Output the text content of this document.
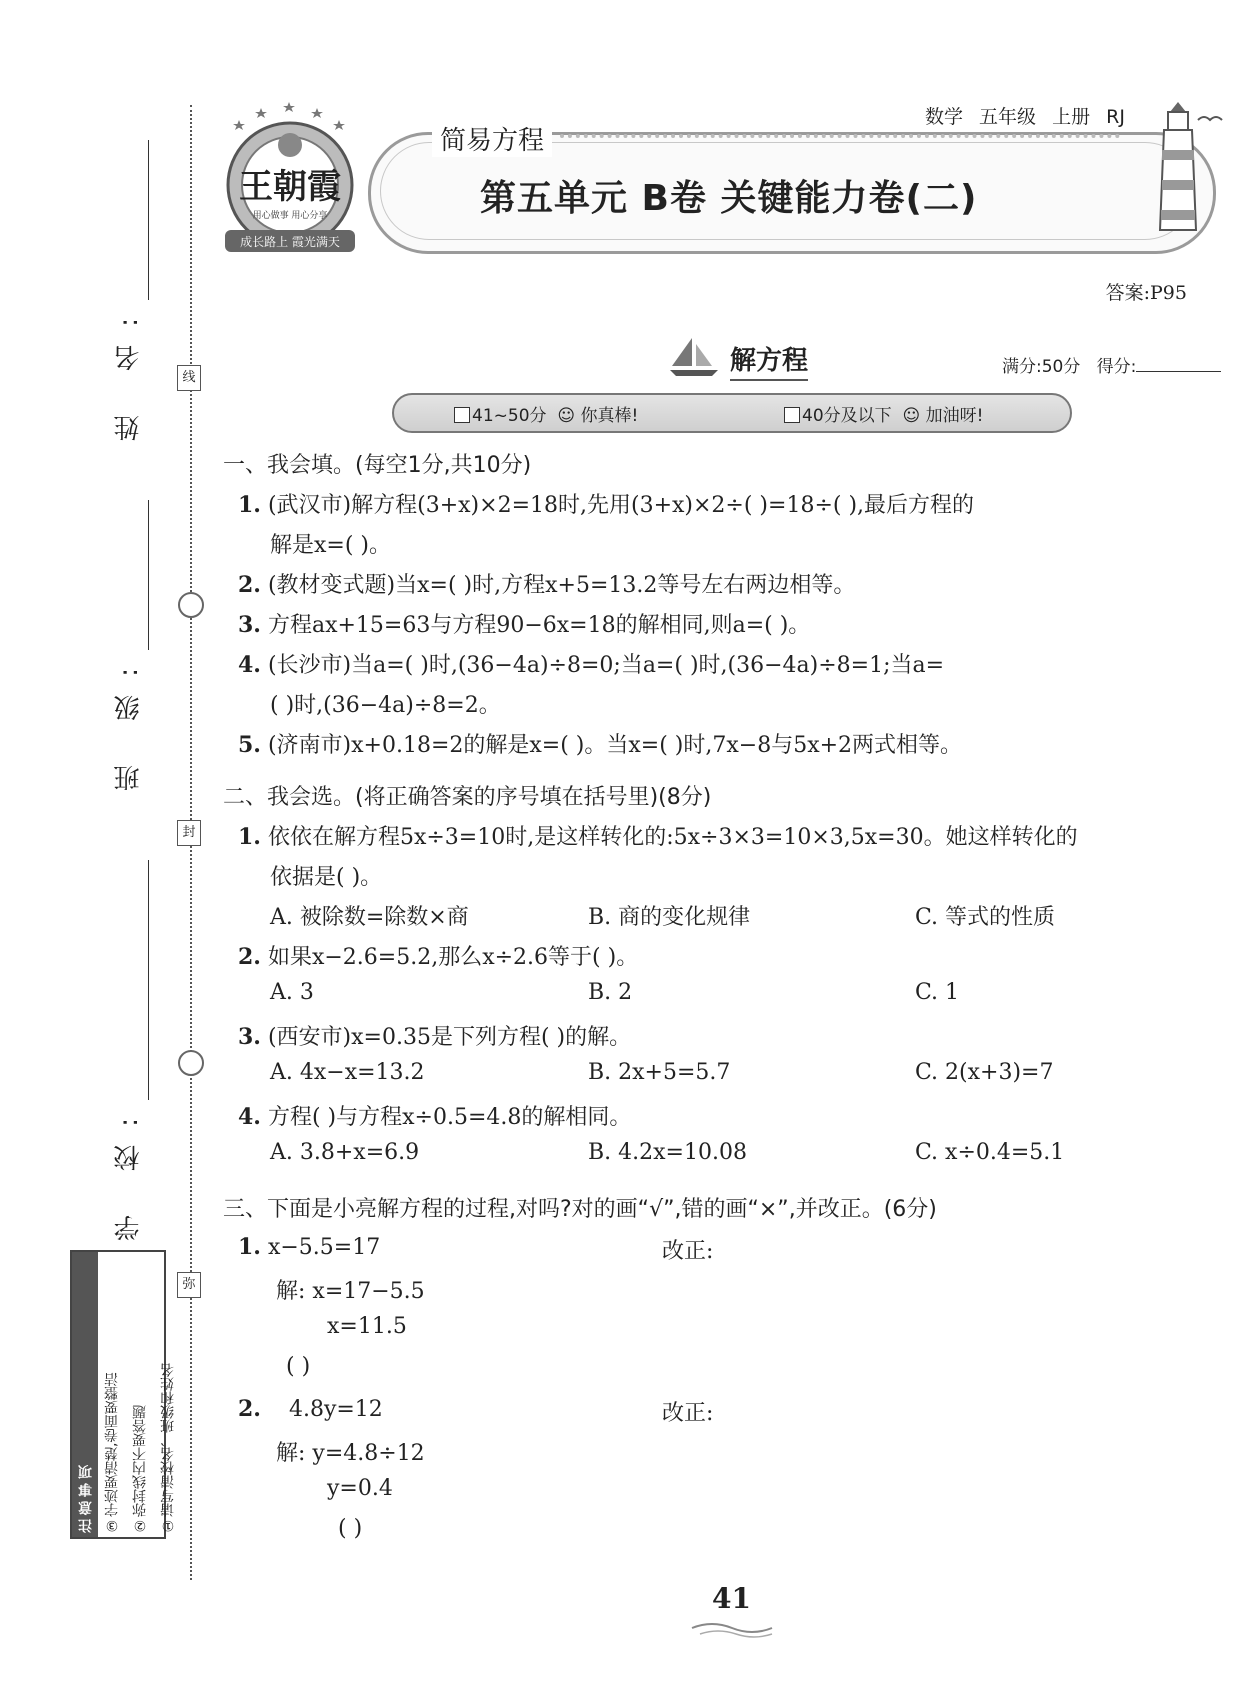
姓 名:
班 级:
学 校:
线
封
弥
注意事项 ③字迹要清楚,卷面要整洁 ②弥封线内不要答题 ①请写清校名、班级和姓名
王朝霞
用心做事 用心分享
成长路上 霞光满天
简易方程
数学 五年级 上册 RJ
第五单元 B卷 关键能力卷(二)
答案:P95
解方程	满分:50分 得分:
41~50分 ☺ 你真棒!	40分及以下 ☺ 加油呀!
一、我会填。(每空1分,共10分)
1. (武汉市)解方程(3+x)×2=18时,先用(3+x)×2÷( )=18÷( ),最后方程的
解是x=( )。
2. (教材变式题)当x=( )时,方程x+5=13.2等号左右两边相等。
3. 方程ax+15=63与方程90−6x=18的解相同,则a=( )。
4. (长沙市)当a=( )时,(36−4a)÷8=0;当a=( )时,(36−4a)÷8=1;当a=
( )时,(36−4a)÷8=2。
5. (济南市)x+0.18=2的解是x=( )。当x=( )时,7x−8与5x+2两式相等。
二、我会选。(将正确答案的序号填在括号里)(8分)
1. 依依在解方程5x÷3=10时,是这样转化的:5x÷3×3=10×3,5x=30。她这样转化的
依据是( )。
A. 被除数=除数×商	B. 商的变化规律	C. 等式的性质
2. 如果x−2.6=5.2,那么x÷2.6等于( )。
A. 3	B. 2	C. 1
3. (西安市)x=0.35是下列方程( )的解。
A. 4x−x=13.2	B. 2x+5=5.7	C. 2(x+3)=7
4. 方程( )与方程x÷0.5=4.8的解相同。
A. 3.8+x=6.9	B. 4.2x=10.08	C. x÷0.4=5.1
三、下面是小亮解方程的过程,对吗?对的画“√”,错的画“×”,并改正。(6分)
1. x−5.5=17	改正:
解: x=17−5.5
x=11.5
( )
2. 4.8y=12	改正:
解: y=4.8÷12
y=0.4
( )
41
